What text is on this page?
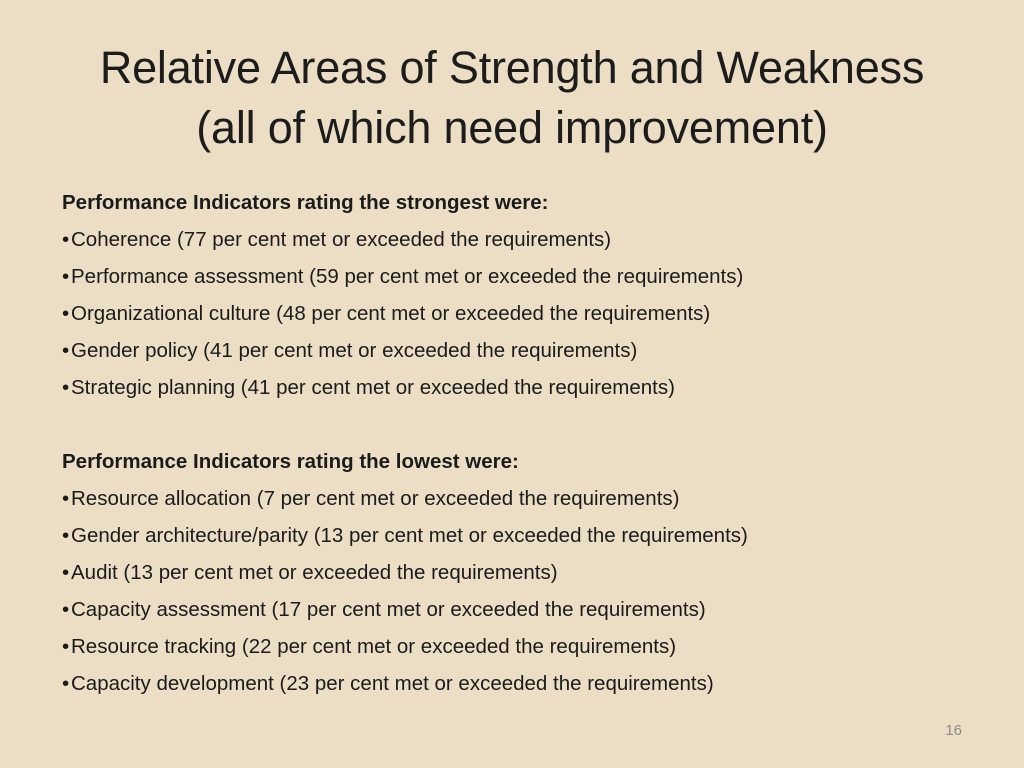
Relative Areas of Strength and Weakness
(all of which need improvement)

Performance Indicators rating the strongest were:

•Coherence (77 per cent met or exceeded the requirements)
•Performance assessment (59 per cent met or exceeded the requirements)
•Organizational culture (48 per cent met or exceeded the requirements)
•Gender policy (41 per cent met or exceeded the requirements)
•Strategic planning (41 per cent met or exceeded the requirements)

Performance Indicators rating the lowest were:

•Resource allocation (7 per cent met or exceeded the requirements)
•Gender architecture/parity (13 per cent met or exceeded the requirements)
•Audit (13 per cent met or exceeded the requirements)
•Capacity assessment (17 per cent met or exceeded the requirements)
•Resource tracking (22 per cent met or exceeded the requirements)
•Capacity development (23 per cent met or exceeded the requirements)
16
